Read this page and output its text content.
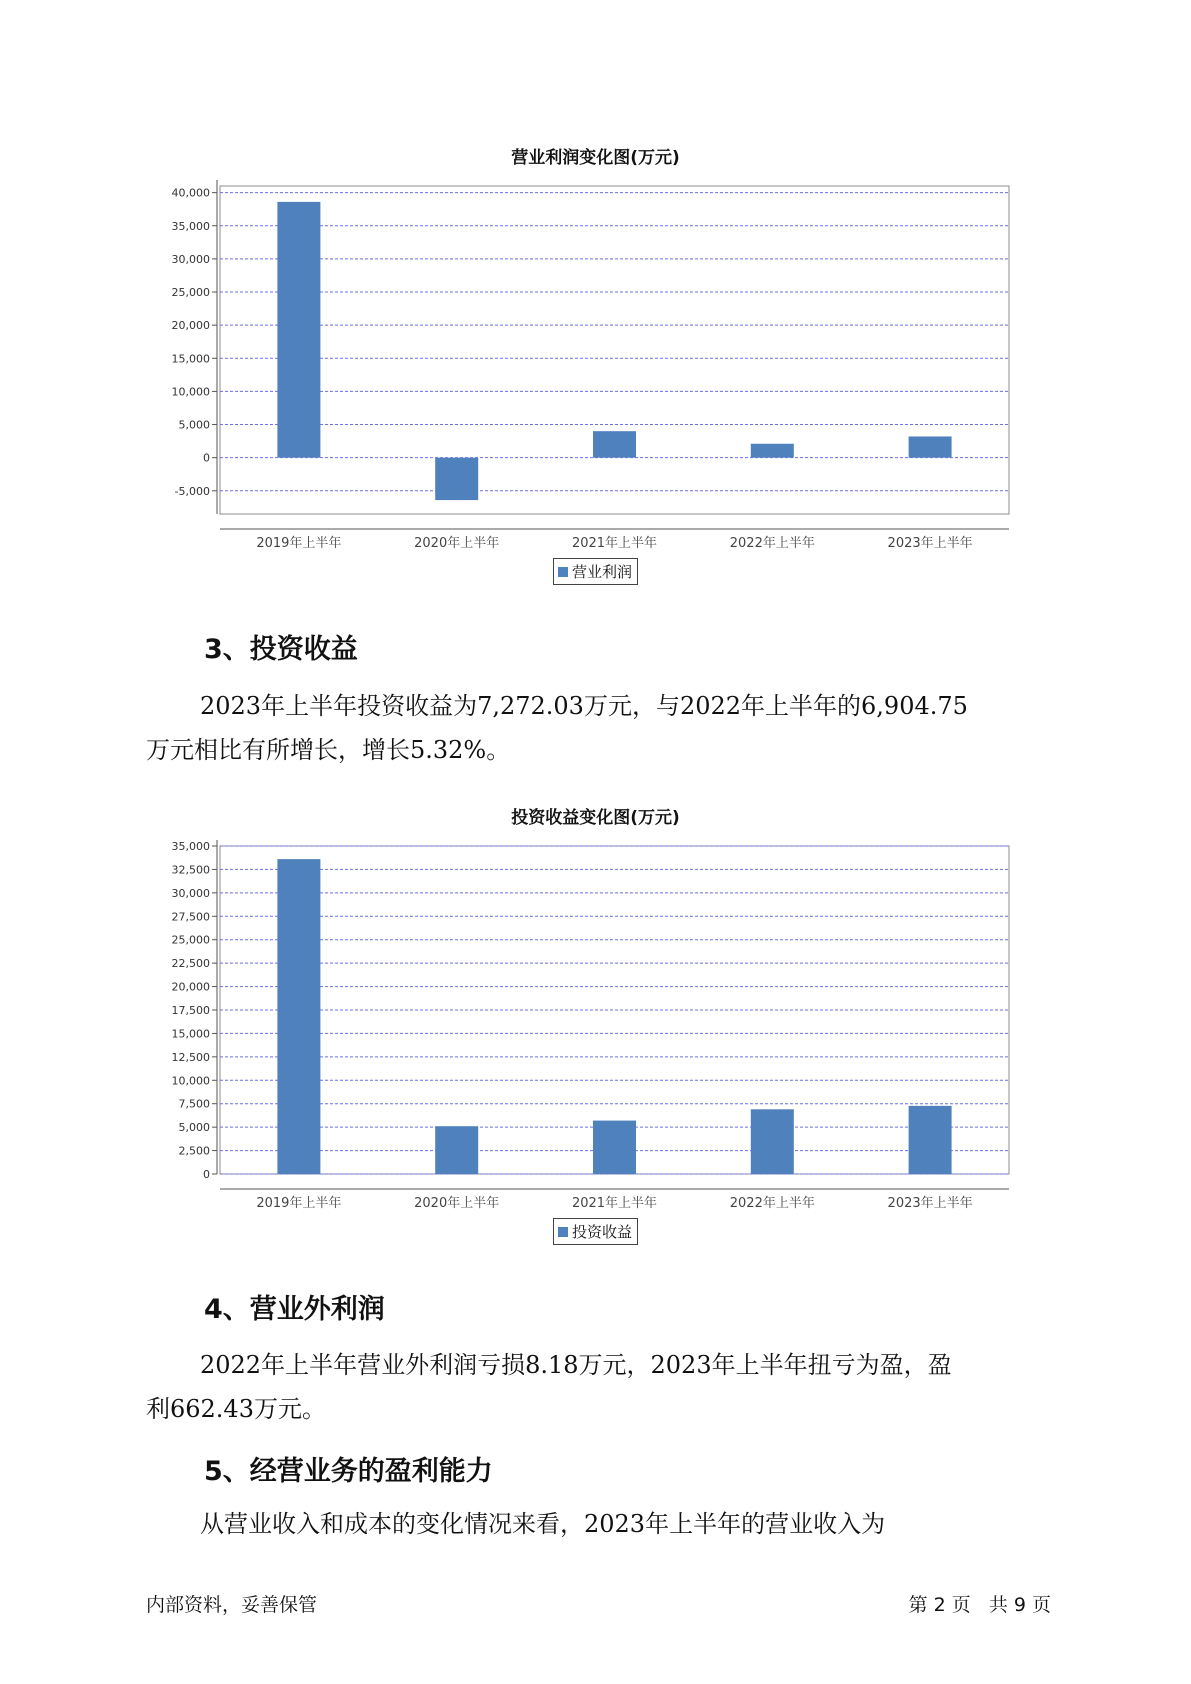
营业利润变化图(万元)
-5,000
0
5,000
10,000
15,000
20,000
25,000
30,000
35,000
40,000
2019年上半年	2020年上半年	2021年上半年	2022年上半年	2023年上半年
营业利润
3、投资收益
2023年上半年投资收益为7,272.03万元，与2022年上半年的6,904.75
万元相比有所增长，增长5.32%。
投资收益变化图(万元)
0
2,500
5,000
7,500
10,000
12,500
15,000
17,500
20,000
22,500
25,000
27,500
30,000
32,500
35,000
2019年上半年	2020年上半年	2021年上半年	2022年上半年	2023年上半年
投资收益
4、营业外利润
2022年上半年营业外利润亏损8.18万元，2023年上半年扭亏为盈，盈
利662.43万元。
5、经营业务的盈利能力
从营业收入和成本的变化情况来看，2023年上半年的营业收入为
内部资料，妥善保管	第 2 页   共 9 页
